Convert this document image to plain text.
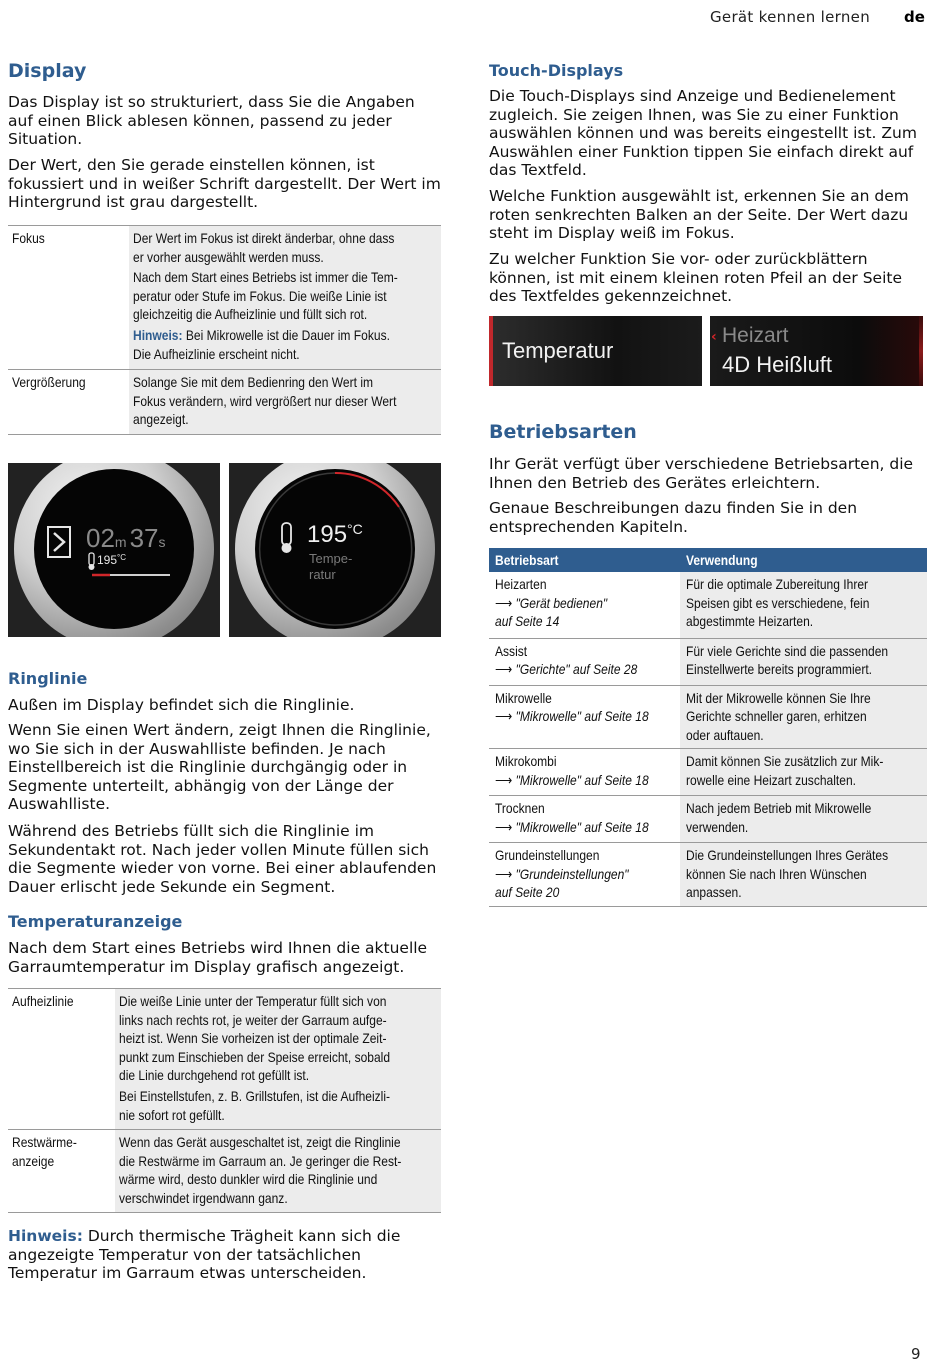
Gerät kennen lernen de
Display
Das Display ist so strukturiert, dass Sie die Angaben
auf einen Blick ablesen können, passend zu jeder
Situation.
Der Wert, den Sie gerade einstellen können, ist
fokussiert und in weißer Schrift dargestellt. Der Wert im
Hintergrund ist grau dargestellt.
Fokus	Der Wert im Fokus ist direkt änderbar, ohne dass
er vorher ausgewählt werden muss.

Nach dem Start eines Betriebs ist immer die Tem-
peratur oder Stufe im Fokus. Die weiße Linie ist
gleichzeitig die Aufheizlinie und füllt sich rot.

Hinweis: Bei Mikrowelle ist die Dauer im Fokus.
Die Aufheizlinie erscheint nicht.

Vergrößerung	Solange Sie mit dem Bedienring den Wert im
Fokus verändern, wird vergrößert nur dieser Wert
angezeigt.
02m 37s
$195^{^\circ C}$
195°C
Tempe-
ratur
Ringlinie
Außen im Display befindet sich die Ringlinie.
Wenn Sie einen Wert ändern, zeigt Ihnen die Ringlinie,
wo Sie sich in der Auswahlliste befinden. Je nach
Einstellbereich ist die Ringlinie durchgängig oder in
Segmente unterteilt, abhängig von der Länge der
Auswahlliste.
Während des Betriebs füllt sich die Ringlinie im
Sekundentakt rot. Nach jeder vollen Minute füllen sich
die Segmente wieder von vorne. Bei einer ablaufenden
Dauer erlischt jede Sekunde ein Segment.
Temperaturanzeige
Nach dem Start eines Betriebs wird Ihnen die aktuelle
Garraumtemperatur im Display grafisch angezeigt.
Aufheizlinie	Die weiße Linie unter der Temperatur füllt sich von
links nach rechts rot, je weiter der Garraum aufge-
heizt ist. Wenn Sie vorheizen ist der optimale Zeit-
punkt zum Einschieben der Speise erreicht, sobald
die Linie durchgehend rot gefüllt ist.

Bei Einstellstufen, z. B. Grillstufen, ist die Aufheizli-
nie sofort rot gefüllt.

Restwärme-
anzeige
Wenn das Gerät ausgeschaltet ist, zeigt die Ringlinie
die Restwärme im Garraum an. Je geringer die Rest-
wärme wird, desto dunkler wird die Ringlinie und
verschwindet irgendwann ganz.
Hinweis: Durch thermische Trägheit kann sich die
angezeigte Temperatur von der tatsächlichen
Temperatur im Garraum etwas unterscheiden.
Touch-Displays
Die Touch-Displays sind Anzeige und Bedienelement
zugleich. Sie zeigen Ihnen, was Sie zu einer Funktion
auswählen können und was bereits eingestellt ist. Zum
Auswählen einer Funktion tippen Sie einfach direkt auf
das Textfeld.
Welche Funktion ausgewählt ist, erkennen Sie an dem
roten senkrechten Balken an der Seite. Der Wert dazu
steht im Display weiß im Fokus.
Zu welcher Funktion Sie vor- oder zurückblättern
können, ist mit einem kleinen roten Pfeil an der Seite
des Textfeldes gekennzeichnet.
Temperatur
‹ Heizart
4D Heißluft
Betriebsarten
Ihr Gerät verfügt über verschiedene Betriebsarten, die
Ihnen den Betrieb des Gerätes erleichtern.
Genaue Beschreibungen dazu finden Sie in den
entsprechenden Kapiteln.
Betriebsart	Verwendung
Heizarten
⟶ "Gerät bedienen"
auf Seite 14	Für die optimale Zubereitung Ihrer
Speisen gibt es verschiedene, fein
abgestimmte Heizarten.
Assist
⟶ "Gerichte" auf Seite 28	Für viele Gerichte sind die passenden
Einstellwerte bereits programmiert.
Mikrowelle
⟶ "Mikrowelle" auf Seite 18	Mit der Mikrowelle können Sie Ihre
Gerichte schneller garen, erhitzen
oder auftauen.
Mikrokombi
⟶ "Mikrowelle" auf Seite 18	Damit können Sie zusätzlich zur Mik-
rowelle eine Heizart zuschalten.
Trocknen
⟶ "Mikrowelle" auf Seite 18	Nach jedem Betrieb mit Mikrowelle
verwenden.
Grundeinstellungen
⟶ "Grundeinstellungen"
auf Seite 20	Die Grundeinstellungen Ihres Gerätes
können Sie nach Ihren Wünschen
anpassen.
9
